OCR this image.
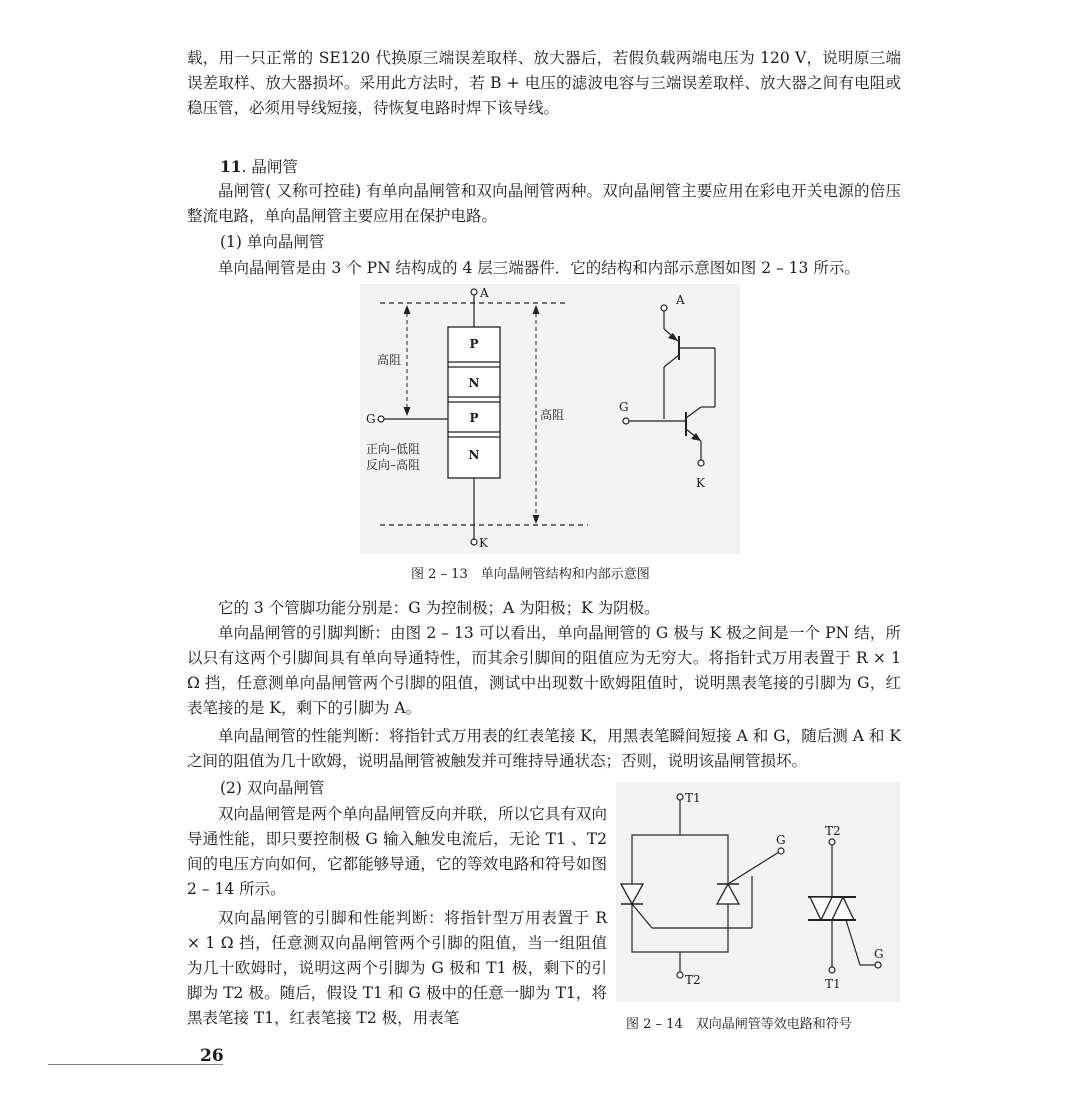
载，用一只正常的 SE120 代换原三端误差取样、放大器后，若假负载两端电压为 120 V，说明原三端误差取样、放大器损坏。采用此方法时，若 B + 电压的滤波电容与三端误差取样、放大器之间有电阻或稳压管，必须用导线短接，待恢复电路时焊下该导线。

11. 晶闸管

晶闸管( 又称可控硅) 有单向晶闸管和双向晶闸管两种。双向晶闸管主要应用在彩电开关电源的倍压整流电路，单向晶闸管主要应用在保护电路。

(1) 单向晶闸管

单向晶闸管是由 3 个 PN 结构成的 4 层三端器件．它的结构和内部示意图如图 2 – 13 所示。

A
P
N
P
N
K
G
高阻
高阻
正向–低阻
反向–高阻
A
G
K

图 2 – 13　单向晶闸管结构和内部示意图

它的 3 个管脚功能分别是：G 为控制极；A 为阳极；K 为阴极。

单向晶闸管的引脚判断：由图 2 – 13 可以看出，单向晶闸管的 G 极与 K 极之间是一个 PN 结，所以只有这两个引脚间具有单向导通特性，而其余引脚间的阻值应为无穷大。将指针式万用表置于 R × 1 Ω 挡，任意测单向晶闸管两个引脚的阻值，测试中出现数十欧姆阻值时，说明黑表笔接的引脚为 G，红表笔接的是 K，剩下的引脚为 A。

单向晶闸管的性能判断：将指针式万用表的红表笔接 K，用黑表笔瞬间短接 A 和 G，随后测 A 和 K 之间的阻值为几十欧姆，说明晶闸管被触发并可维持导通状态；否则，说明该晶闸管损坏。

(2) 双向晶闸管

双向晶闸管是两个单向晶闸管反向并联，所以它具有双向导通性能，即只要控制极 G 输入触发电流后，无论 T1 、T2 间的电压方向如何，它都能够导通，它的等效电路和符号如图 2 – 14 所示。

双向晶闸管的引脚和性能判断：将指针型万用表置于 R × 1 Ω 挡，任意测双向晶闸管两个引脚的阻值，当一组阻值为几十欧姆时，说明这两个引脚为 G 极和 T1 极，剩下的引脚为 T2 极。随后，假设 T1 和 G 极中的任意一脚为 T1，将黑表笔接 T1，红表笔接 T2 极，用表笔

T1
T2
G
T2
T1
G

图 2 – 14　双向晶闸管等效电路和符号

26
